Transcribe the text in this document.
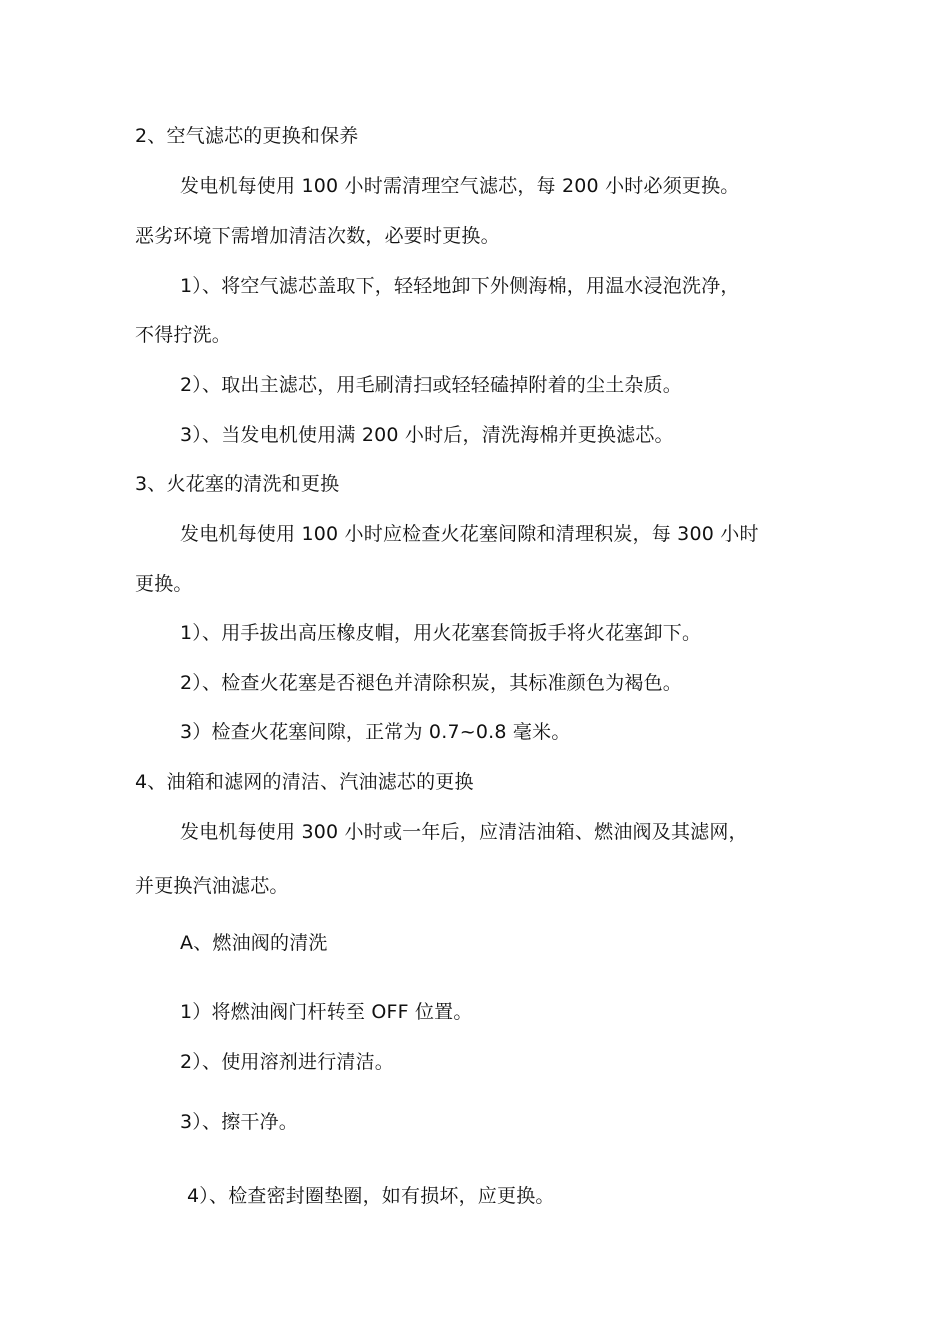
2、空气滤芯的更换和保养
发电机每使用 100 小时需清理空气滤芯，每 200 小时必须更换。
恶劣环境下需增加清洁次数，必要时更换。
1）、将空气滤芯盖取下，轻轻地卸下外侧海棉，用温水浸泡洗净，
不得拧洗。
2）、取出主滤芯，用毛刷清扫或轻轻磕掉附着的尘土杂质。
3）、当发电机使用满 200 小时后，清洗海棉并更换滤芯。
3、火花塞的清洗和更换
发电机每使用 100 小时应检查火花塞间隙和清理积炭，每 300 小时
更换。
1）、用手拔出高压橡皮帽，用火花塞套筒扳手将火花塞卸下。
2）、检查火花塞是否褪色并清除积炭，其标准颜色为褐色。
3）检查火花塞间隙，正常为 0.7~0.8 毫米。
4、油箱和滤网的清洁、汽油滤芯的更换
发电机每使用 300 小时或一年后，应清洁油箱、燃油阀及其滤网，
并更换汽油滤芯。
A、燃油阀的清洗
1）将燃油阀门杆转至 OFF 位置。
2）、使用溶剂进行清洁。
3）、擦干净。
4）、检查密封圈垫圈，如有损坏，应更换。
